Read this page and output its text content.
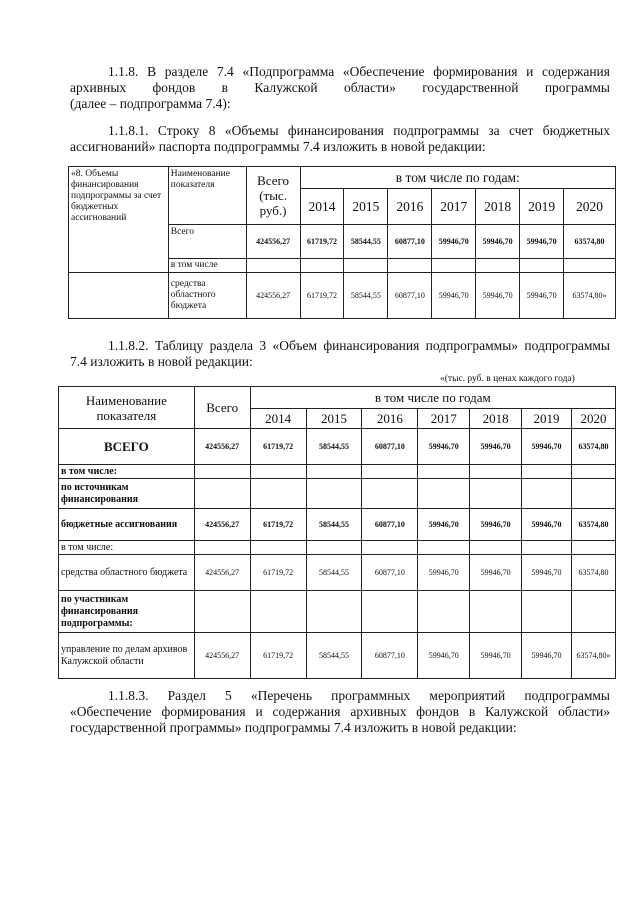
1.1.8. В разделе 7.4 «Подпрограмма «Обеспечение формирования и содержания
архивных фондов в Калужской области» государственной программы
(далее – подпрограмма 7.4):
1.1.8.1. Строку 8 «Объемы финансирования подпрограммы за счет бюджетных
ассигнований» паспорта подпрограммы 7.4 изложить в новой редакции:
«8. Объемы финансирования подпрограммы за счет бюджетных ассигнований	Наименование показателя	Всего (тыс. руб.)	в том числе по годам:						
			2014	2015	2016	2017	2018	2019	2020
	Всего	424556,27	61719,72	58544,55	60877,10	59946,70	59946,70	59946,70	63574,80
	в том числе								
	средства областного бюджета	424556,27	61719,72	58544,55	60877,10	59946,70	59946,70	59946,70	63574,80»
1.1.8.2. Таблицу раздела 3 «Объем финансирования подпрограммы» подпрограммы
7.4 изложить в новой редакции:
«(тыс. руб. в ценах каждого года)
Наименование показателя	Всего	в том числе по годам						
		2014	2015	2016	2017	2018	2019	2020
ВСЕГО	424556,27	61719,72	58544,55	60877,10	59946,70	59946,70	59946,70	63574,80
в том числе:								
по источникам финансирования								
бюджетные ассигнования	424556,27	61719,72	58544,55	60877,10	59946,70	59946,70	59946,70	63574,80
в том числе:								
средства областного бюджета	424556,27	61719,72	58544,55	60877,10	59946,70	59946,70	59946,70	63574,80
по участникам финансирования подпрограммы:								
управление по делам архивов Калужской области	424556,27	61719,72	58544,55	60877,10	59946,70	59946,70	59946,70	63574,80»
1.1.8.3. Раздел 5 «Перечень программных мероприятий подпрограммы
«Обеспечение формирования и содержания архивных фондов в Калужской области»
государственной программы» подпрограммы 7.4 изложить в новой редакции:
